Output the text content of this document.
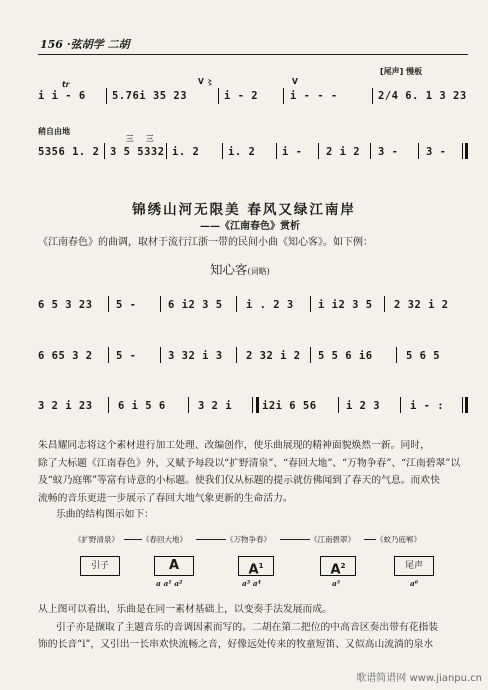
156 ·弦胡学 二胡
[尾声] 慢板
tr	V 〻	V
i i - 6 5.76i 35 23	i - 2	i - - -	2/4 6. 1 3 23
稍自由地
三 三
5356 1. 2 3 5 5332 i. 2	i. 2	i - 2 i 2 3 -	3 -
锦绣山河无限美 春风又绿江南岸
——《江南春色》赏析
《江南春色》的曲调，取材于流行江浙一带的民间小曲《知心客》。如下例：
知心客(词略)
6 5 3 23 5 -	6 i2 3 5 i . 2 3 i i2 3 5 2 32 i 2
6 65 3 2 5 -	3 32 i 3 2 32 i 2 5 5 6 i6	5 6 5
3 2 i 23 6 i 5 6	3 2 i	i2i 6 56	i 2 3	i - :
朱昌耀同志将这个素材进行加工处理、改编创作，使乐曲展现的精神面貌焕然一新。同时，
除了大标题《江南春色》外，又赋予每段以“扩野清泉”、“春回大地”、“万物争春”、“江南碧翠”以
及“蚊乃庭郸”等富有诗意的小标题。使我们仅从标题的提示就仿佛闻到了春天的气息。而欢快
流畅的音乐更进一步展示了春回大地气象更新的生命活力。
乐曲的结构图示如下：
《扩野清泉》	《春回大地》	《万物争春》	《江南碧翠》	《蚊乃庭郸》
引子	A	$A^1$	$A^2$	尾声
a a¹ a²	a³ a⁴	a⁵	a⁶
从上图可以看出，乐曲是在同一素材基础上，以变奏手法发展而成。
引子亦是撷取了主题音乐的音调因素而写的。二胡在第二把位的中高音区奏出带有花指装
饰的长音“i”，又引出一长串欢快流畅之音，好像远处传来的牧童短笛、又似高山流淌的泉水
歌谱简谱网 www.jianpu.cn
